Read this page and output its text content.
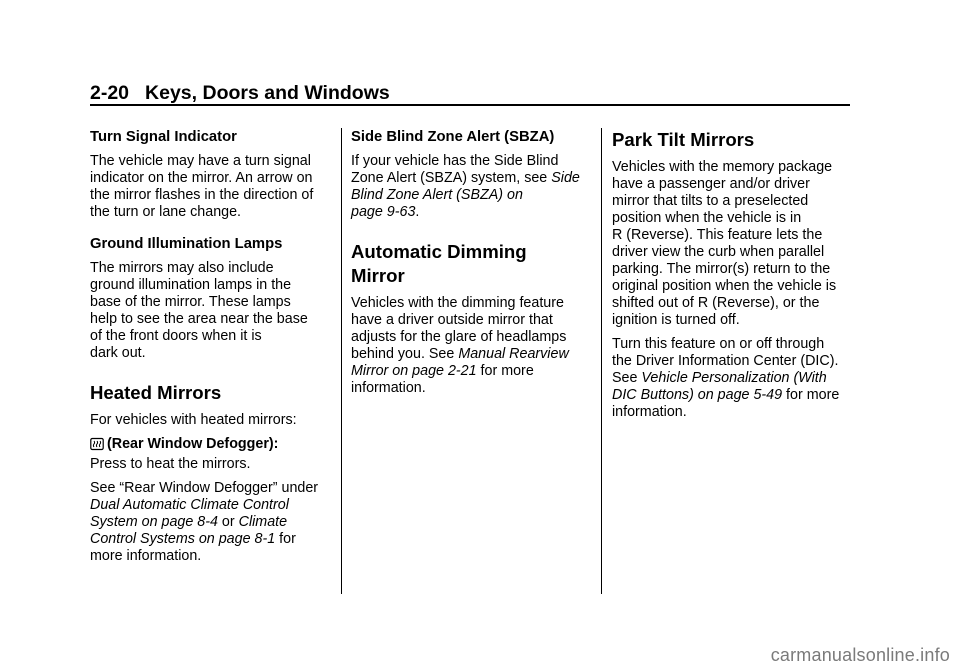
2-20 Keys, Doors and Windows
Turn Signal Indicator

The vehicle may have a turn signal
indicator on the mirror. An arrow on
the mirror flashes in the direction of
the turn or lane change.

Ground Illumination Lamps

The mirrors may also include
ground illumination lamps in the
base of the mirror. These lamps
help to see the area near the base
of the front doors when it is
dark out.

Heated Mirrors

For vehicles with heated mirrors:

(Rear Window Defogger):
Press to heat the mirrors.

See “Rear Window Defogger” under
Dual Automatic Climate Control
System on page 8-4 or Climate
Control Systems on page 8-1 for
more information.

Side Blind Zone Alert (SBZA)

If your vehicle has the Side Blind
Zone Alert (SBZA) system, see Side
Blind Zone Alert (SBZA) on
page 9-63.

Automatic Dimming
Mirror

Vehicles with the dimming feature
have a driver outside mirror that
adjusts for the glare of headlamps
behind you. See Manual Rearview
Mirror on page 2-21 for more
information.

Park Tilt Mirrors

Vehicles with the memory package
have a passenger and/or driver
mirror that tilts to a preselected
position when the vehicle is in
R (Reverse). This feature lets the
driver view the curb when parallel
parking. The mirror(s) return to the
original position when the vehicle is
shifted out of R (Reverse), or the
ignition is turned off.

Turn this feature on or off through
the Driver Information Center (DIC).
See Vehicle Personalization (With
DIC Buttons) on page 5-49 for more
information.

carmanualsonline.info
